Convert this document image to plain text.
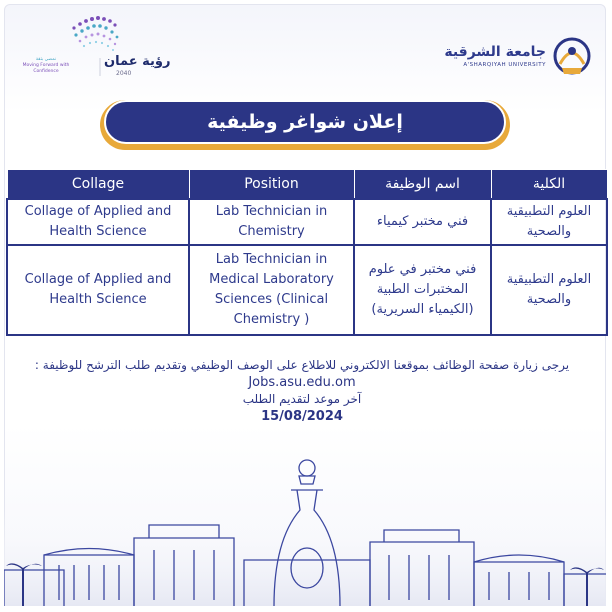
رؤية عمان
2040
نمضي بثقة
Moving Forward with Confidence
جامعة الشرقية
A'SHARQIYAH UNIVERSITY
إعلان شواغر وظيفية
Collage	Position	اسم الوظيفة	الكلية
Collage of Applied and Health Science	Lab Technician in Chemistry	فني مختبر كيمياء	العلوم التطبيقية والصحية
Collage of Applied and Health Science	Lab Technician in Medical Laboratory Sciences (Clinical Chemistry )	فني مختبر في علوم المختبرات الطبية (الكيمياء السريرية)	العلوم التطبيقية والصحية
يرجى زيارة صفحة الوظائف بموقعنا الالكتروني للاطلاع على الوصف الوظيفي وتقديم طلب الترشح للوظيفة :
Jobs.asu.edu.om
آخر موعد لتقديم الطلب
15/08/2024
